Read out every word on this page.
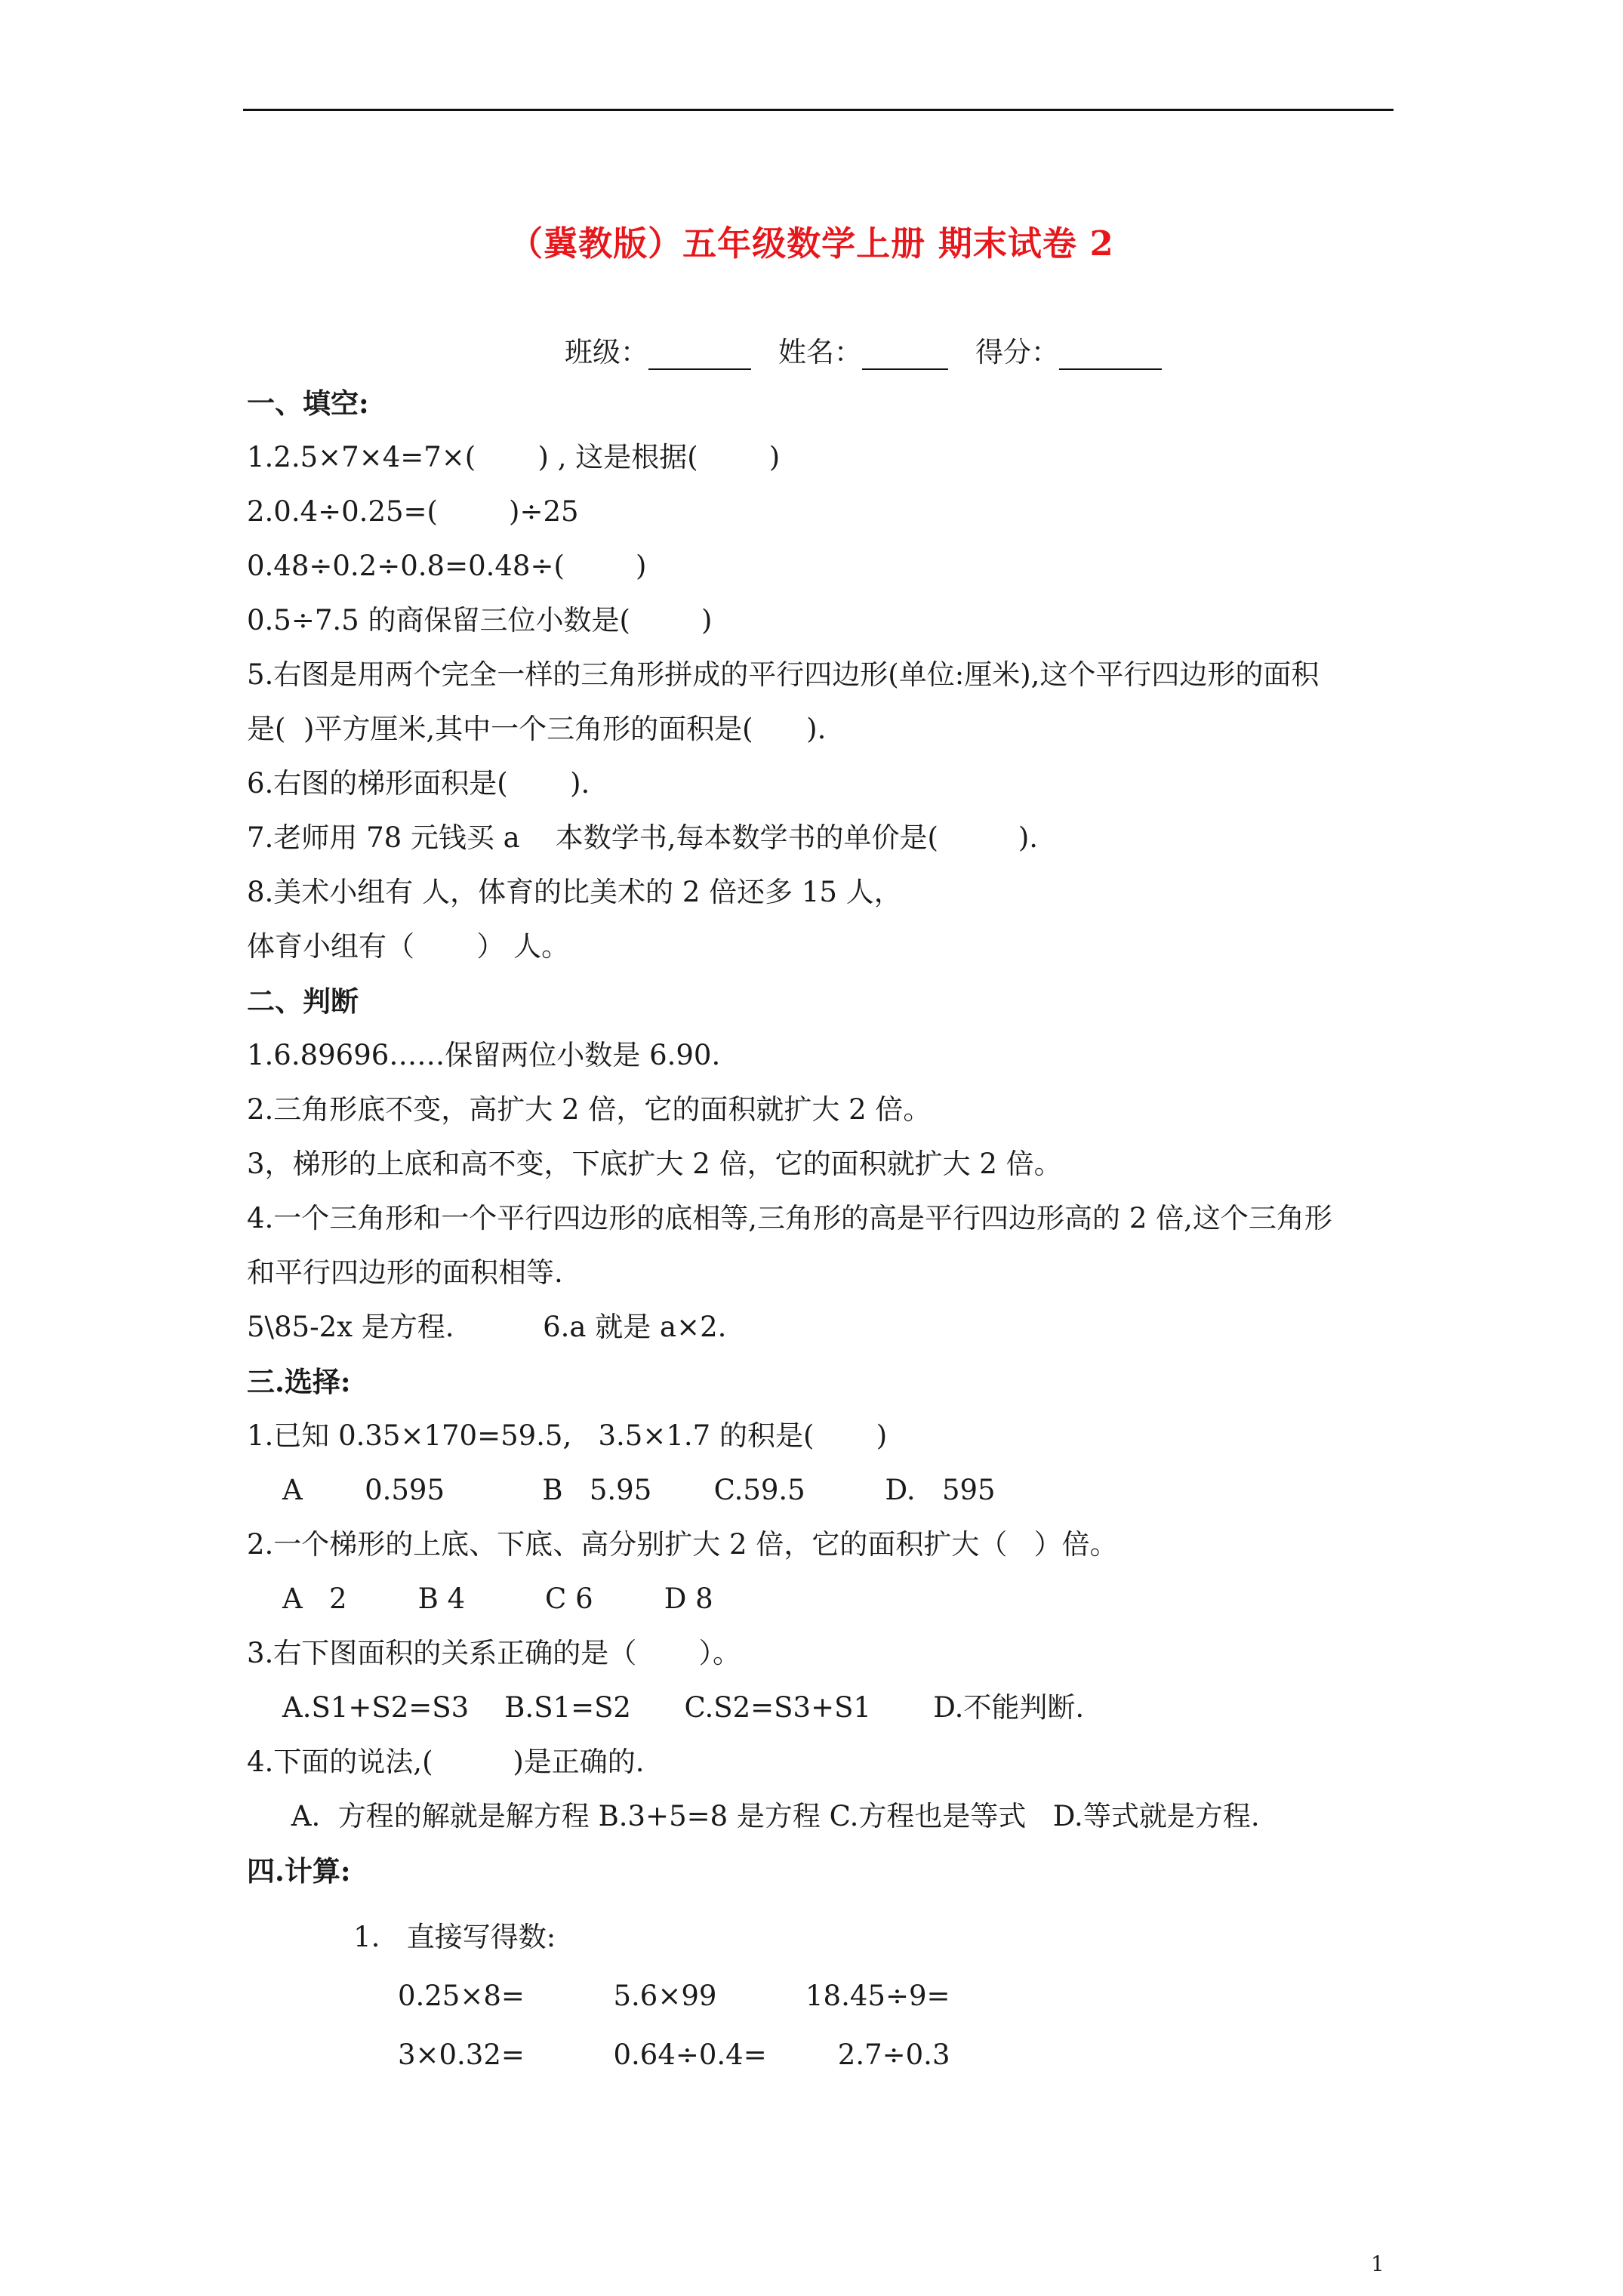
（冀教版）五年级数学上册 期末试卷 2
班级：	姓名：	得分：
一、填空:
1.2.5×7×4=7×(       ) , 这是根据(        )
2.0.4÷0.25=(        )÷25
0.48÷0.2÷0.8=0.48÷(        )
0.5÷7.5 的商保留三位小数是(        )
5.右图是用两个完全一样的三角形拼成的平行四边形(单位:厘米),这个平行四边形的面积
是(  )平方厘米,其中一个三角形的面积是(      ).
6.右图的梯形面积是(       ).
7.老师用 78 元钱买 a    本数学书,每本数学书的单价是(         ).
8.美术小组有 人，体育的比美术的 2 倍还多 15 人，
体育小组有（       ） 人。
二、判断
1.6.89696……保留两位小数是 6.90.
2.三角形底不变，高扩大 2 倍，它的面积就扩大 2 倍。
3，梯形的上底和高不变，下底扩大 2 倍，它的面积就扩大 2 倍。
4.一个三角形和一个平行四边形的底相等,三角形的高是平行四边形高的 2 倍,这个三角形
和平行四边形的面积相等.
5\85-2x 是方程.          6.a 就是 a×2.
三.选择:
1.已知 0.35×170=59.5,   3.5×1.7 的积是(       )
A       0.595           B   5.95       C.59.5         D.   595
2.一个梯形的上底、下底、高分别扩大 2 倍，它的面积扩大（   ）倍。
A   2        B 4         C 6        D 8
3.右下图面积的关系正确的是（       ）。
A.S1+S2=S3    B.S1=S2      C.S2=S3+S1       D.不能判断.
4.下面的说法,(         )是正确的.
A.  方程的解就是解方程 B.3+5=8 是方程 C.方程也是等式   D.等式就是方程.
四.计算:
1.   直接写得数:
0.25×8=          5.6×99          18.45÷9=
3×0.32=          0.64÷0.4=        2.7÷0.3
1
